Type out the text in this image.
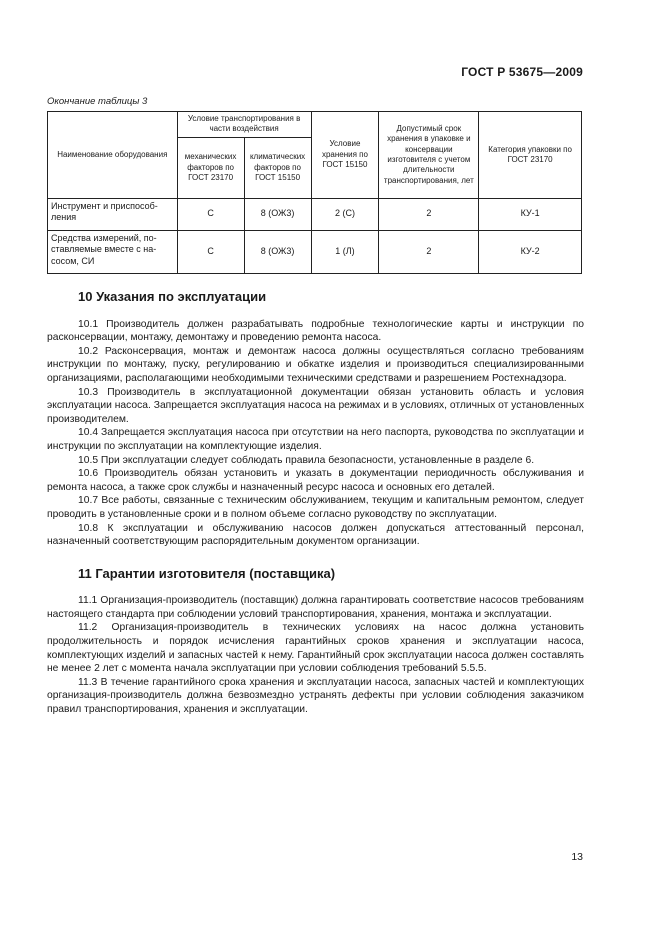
ГОСТ Р 53675—2009
Окончание таблицы 3
Наименование оборудования	Условие транспортирования в части воздействия		Условие хранения по ГОСТ 15150	Допустимый срок хранения в упаковке и консервации изготовителя с учетом длительности транспортирования, лет	Категория упаковки по ГОСТ 23170
	механических факторов по ГОСТ 23170	климатических факторов по ГОСТ 15150			
Инструмент и приспособ-ления	С	8 (ОЖ3)	2 (С)	2	КУ-1
Средства измерений, по-ставляемые вместе с на-сосом, СИ	С	8 (ОЖ3)	1 (Л)	2	КУ-2
10 Указания по эксплуатации

10.1 Производитель должен разрабатывать подробные технологические карты и инструкции по расконсервации, монтажу, демонтажу и проведению ремонта насоса.

10.2 Расконсервация, монтаж и демонтаж насоса должны осуществляться согласно требованиям инструкции по монтажу, пуску, регулированию и обкатке изделия и производиться специализированными организациями, располагающими необходимыми техническими средствами и разрешением Ростехнадзора.

10.3 Производитель в эксплуатационной документации обязан установить область и условия эксплуатации насоса. Запрещается эксплуатация насоса на режимах и в условиях, отличных от установленных производителем.

10.4 Запрещается эксплуатация насоса при отсутствии на него паспорта, руководства по эксплуатации и инструкции по эксплуатации на комплектующие изделия.

10.5 При эксплуатации следует соблюдать правила безопасности, установленные в разделе 6.

10.6 Производитель обязан установить и указать в документации периодичность обслуживания и ремонта насоса, а также срок службы и назначенный ресурс насоса и основных его деталей.

10.7 Все работы, связанные с техническим обслуживанием, текущим и капитальным ремонтом, следует проводить в установленные сроки и в полном объеме согласно руководству по эксплуатации.

10.8 К эксплуатации и обслуживанию насосов должен допускаться аттестованный персонал, назначенный соответствующим распорядительным документом организации.

11 Гарантии изготовителя (поставщика)

11.1 Организация-производитель (поставщик) должна гарантировать соответствие насосов требованиям настоящего стандарта при соблюдении условий транспортирования, хранения, монтажа и эксплуатации.

11.2 Организация-производитель в технических условиях на насос должна установить продолжительность и порядок исчисления гарантийных сроков хранения и эксплуатации насоса, комплектующих изделий и запасных частей к нему. Гарантийный срок эксплуатации насоса должен составлять не менее 2 лет с момента начала эксплуатации при условии соблюдения требований 5.5.5.

11.3 В течение гарантийного срока хранения и эксплуатации насоса, запасных частей и комплектующих организация-производитель должна безвозмездно устранять дефекты при условии соблюдения заказчиком правил транспортирования, хранения и эксплуатации.

13
